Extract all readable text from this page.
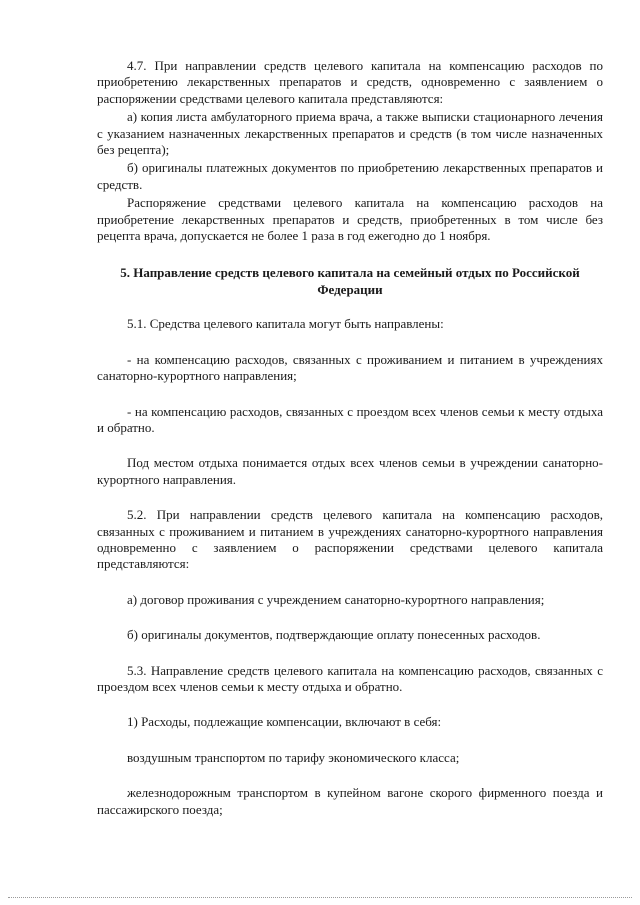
4.7. При направлении средств целевого капитала на компенсацию расходов по приобретению лекарственных препаратов и средств, одновременно с заявлением о распоряжении средствами целевого капитала представляются:

а) копия листа амбулаторного приема врача, а также выписки стационарного лечения с указанием назначенных лекарственных препаратов и средств (в том числе назначенных без рецепта);

б) оригиналы платежных документов по приобретению лекарственных препаратов и средств.

Распоряжение средствами целевого капитала на компенсацию расходов на приобретение лекарственных препаратов и средств, приобретенных в том числе без рецепта врача, допускается не более 1 раза в год ежегодно до 1 ноября.

5. Направление средств целевого капитала на семейный отдых по Российской Федерации

5.1. Средства целевого капитала могут быть направлены:

- на компенсацию расходов, связанных с проживанием и питанием в учреждениях санаторно-курортного направления;

- на компенсацию расходов, связанных с проездом всех членов семьи к месту отдыха и обратно.

Под местом отдыха понимается отдых всех членов семьи в учреждении санаторно-курортного направления.

5.2. При направлении средств целевого капитала на компенсацию расходов, связанных с проживанием и питанием в учреждениях санаторно-курортного направления одновременно с заявлением о распоряжении средствами целевого капитала представляются:

а) договор проживания с учреждением санаторно-курортного направления;

б) оригиналы документов, подтверждающие оплату понесенных расходов.

5.3. Направление средств целевого капитала на компенсацию расходов, связанных с проездом всех членов семьи к месту отдыха и обратно.

1) Расходы, подлежащие компенсации, включают в себя:

воздушным транспортом по тарифу экономического класса;

железнодорожным транспортом в купейном вагоне скорого фирменного поезда и пассажирского поезда;
